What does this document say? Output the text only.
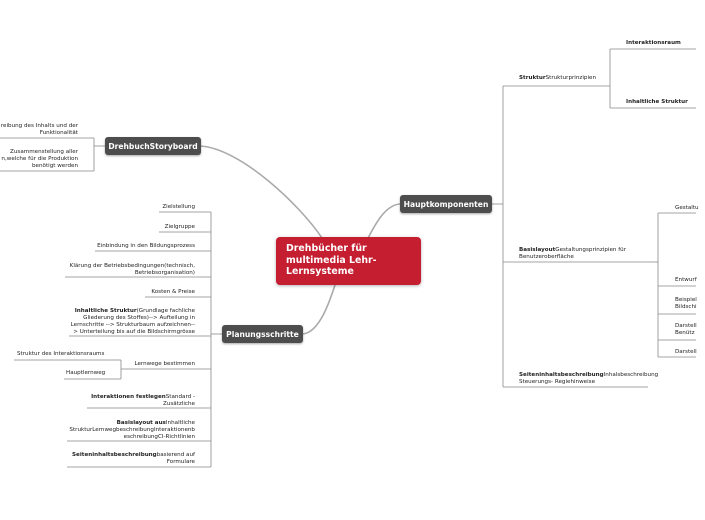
Drehbücher für multimedia Lehr-Lernsysteme
DrehbuchStoryboard
reibung des Inhalts und der Funktionalität
Zusammenstellung aller n,welche für die Produktion benötigt werden
Planungsschritte
Zielstellung
Zielgruppe
Einbindung in den Bildungsprozess
Klärung der Betriebsbedingungen(technisch, Betriebsorganisation)
Kosten & Preise
Inhaltliche Struktur(Grundlage fachliche Gliederung des Stoffes)--> Aufteilung in Lernschritte --> Strukturbaum aufzeichnen--> Unterteilung bis auf die Bildschirmgrösse
Lernwege bestimmen
Struktur des Interaktionsraums
Hauptlernweg
Interaktionen festlegenStandard - Zusätzliche
Basislayout ausInhaltliche StrukturLernwegbeschreibungInteraktionenb eschreibungCI-Richtlinien
Seiteninhaltsbeschreibungbasierend auf Formulare
Hauptkomponenten
StrukturStrukturprinzipien
Interaktionsraum
Inhaltliche Struktur
BasislayoutGestaltungsprinzipien für Benutzeroberfläche
Gestaltu
Entwurf
Beispiel Bildschi
Darstell Benütz
Darstell
SeiteninhaltsbeschreibungInhalsbeschreibung Steuerungs- Regiehinweise
